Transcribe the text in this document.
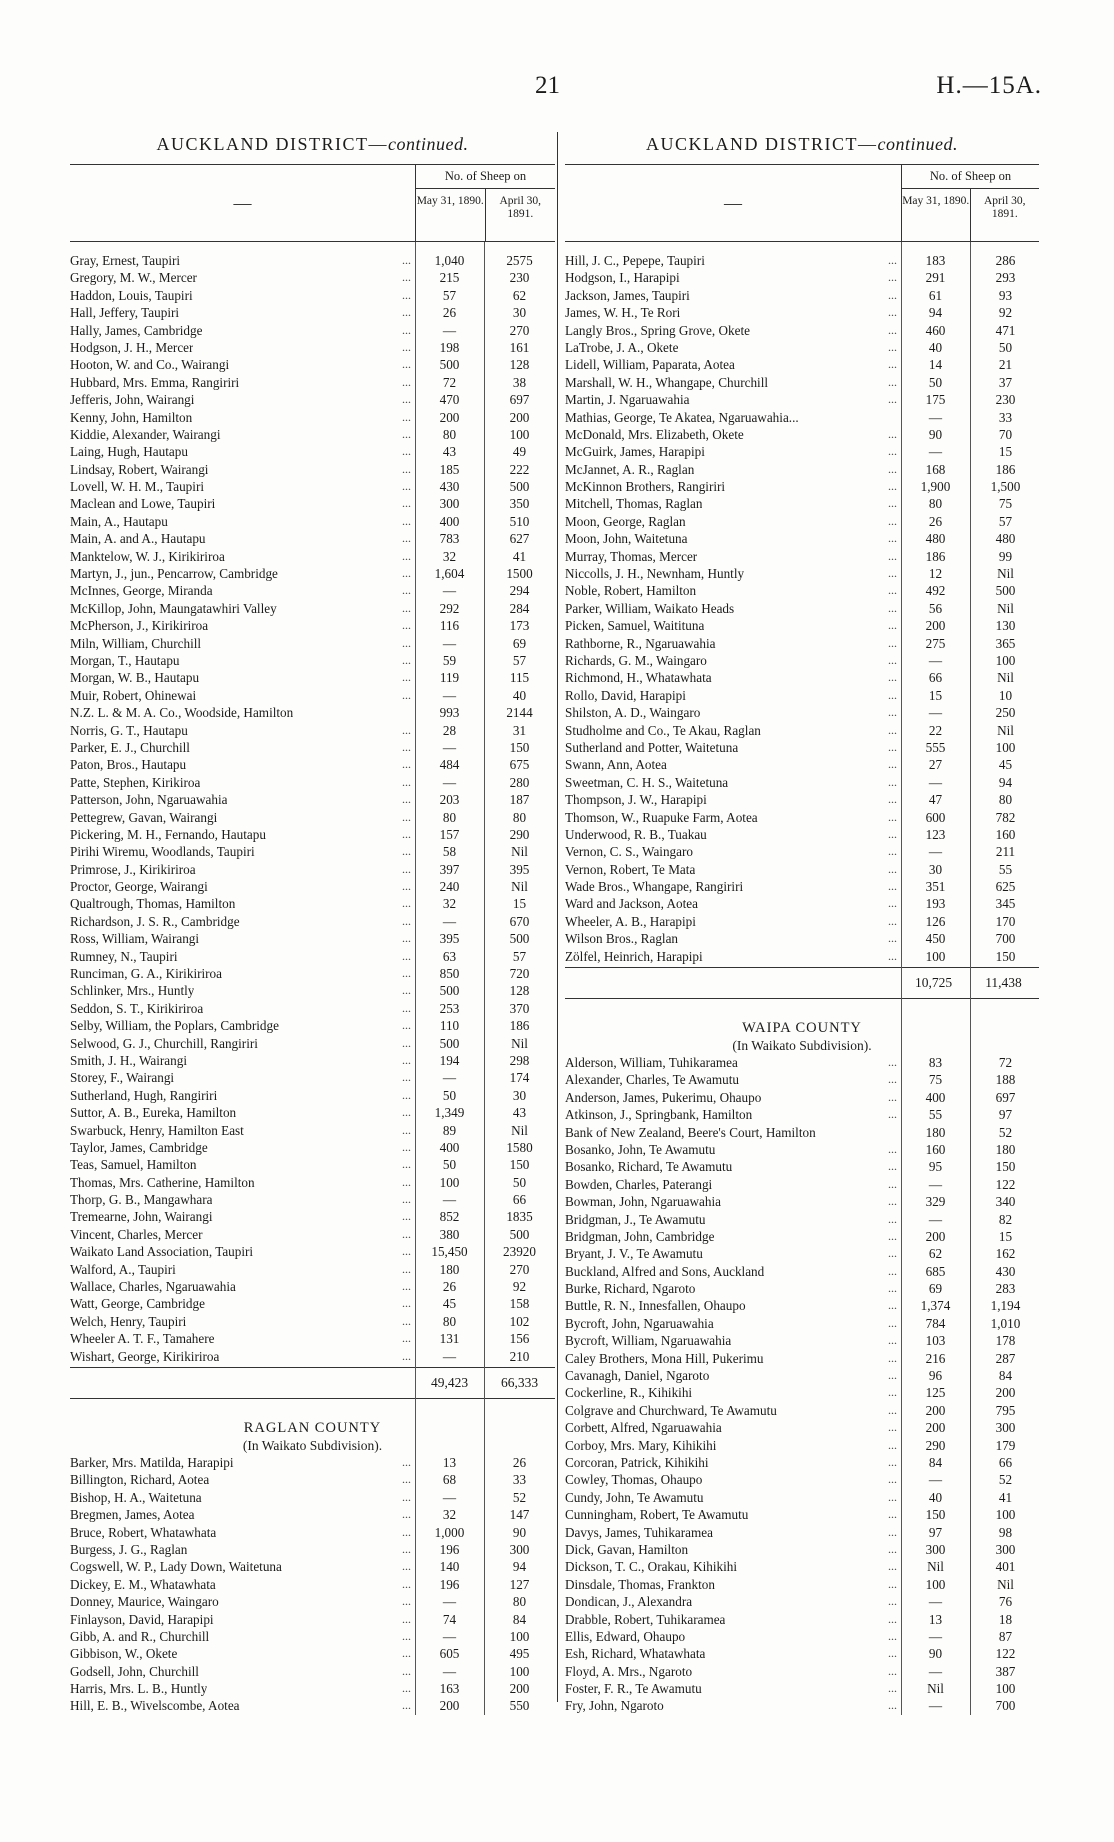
21	H.—15A.
AUCKLAND DISTRICT—continued.
—
No. of Sheep on
May 31, 1890.	April 30, 1891.
Gray, Ernest, Taupiri	...	1,040	2575
Gregory, M. W., Mercer	...	215	230
Haddon, Louis, Taupiri	...	57	62
Hall, Jeffery, Taupiri	...	26	30
Hally, James, Cambridge	...	—	270
Hodgson, J. H., Mercer	...	198	161
Hooton, W. and Co., Wairangi	...	500	128
Hubbard, Mrs. Emma, Rangiriri	...	72	38
Jefferis, John, Wairangi	...	470	697
Kenny, John, Hamilton	...	200	200
Kiddie, Alexander, Wairangi	...	80	100
Laing, Hugh, Hautapu	...	43	49
Lindsay, Robert, Wairangi	...	185	222
Lovell, W. H. M., Taupiri	...	430	500
Maclean and Lowe, Taupiri	...	300	350
Main, A., Hautapu	...	400	510
Main, A. and A., Hautapu	...	783	627
Manktelow, W. J., Kirikiriroa	...	32	41
Martyn, J., jun., Pencarrow, Cambridge	...	1,604	1500
McInnes, George, Miranda	...	—	294
McKillop, John, Maungatawhiri Valley	...	292	284
McPherson, J., Kirikiriroa	...	116	173
Miln, William, Churchill	...	—	69
Morgan, T., Hautapu	...	59	57
Morgan, W. B., Hautapu	...	119	115
Muir, Robert, Ohinewai	...	—	40
N.Z. L. & M. A. Co., Woodside, Hamilton	993	2144
Norris, G. T., Hautapu	...	28	31
Parker, E. J., Churchill	...	—	150
Paton, Bros., Hautapu	...	484	675
Patte, Stephen, Kirikiroa	...	—	280
Patterson, John, Ngaruawahia	...	203	187
Pettegrew, Gavan, Wairangi	...	80	80
Pickering, M. H., Fernando, Hautapu	...	157	290
Pirihi Wiremu, Woodlands, Taupiri	...	58	Nil
Primrose, J., Kirikiriroa	...	397	395
Proctor, George, Wairangi	...	240	Nil
Qualtrough, Thomas, Hamilton	...	32	15
Richardson, J. S. R., Cambridge	...	—	670
Ross, William, Wairangi	...	395	500
Rumney, N., Taupiri	...	63	57
Runciman, G. A., Kirikiriroa	...	850	720
Schlinker, Mrs., Huntly	...	500	128
Seddon, S. T., Kirikiriroa	...	253	370
Selby, William, the Poplars, Cambridge	...	110	186
Selwood, G. J., Churchill, Rangiriri	...	500	Nil
Smith, J. H., Wairangi	...	194	298
Storey, F., Wairangi	...	—	174
Sutherland, Hugh, Rangiriri	...	50	30
Suttor, A. B., Eureka, Hamilton	...	1,349	43
Swarbuck, Henry, Hamilton East	...	89	Nil
Taylor, James, Cambridge	...	400	1580
Teas, Samuel, Hamilton	...	50	150
Thomas, Mrs. Catherine, Hamilton	...	100	50
Thorp, G. B., Mangawhara	...	—	66
Tremearne, John, Wairangi	...	852	1835
Vincent, Charles, Mercer	...	380	500
Waikato Land Association, Taupiri	...	15,450	23920
Walford, A., Taupiri	...	180	270
Wallace, Charles, Ngaruawahia	...	26	92
Watt, George, Cambridge	...	45	158
Welch, Henry, Taupiri	...	80	102
Wheeler A. T. F., Tamahere	...	131	156
Wishart, George, Kirikiriroa	...	—	210
49,423	66,333
RAGLAN COUNTY
(In Waikato Subdivision).
Barker, Mrs. Matilda, Harapipi	...	13	26
Billington, Richard, Aotea	...	68	33
Bishop, H. A., Waitetuna	...	—	52
Bregmen, James, Aotea	...	32	147
Bruce, Robert, Whatawhata	...	1,000	90
Burgess, J. G., Raglan	...	196	300
Cogswell, W. P., Lady Down, Waitetuna	...	140	94
Dickey, E. M., Whatawhata	...	196	127
Donney, Maurice, Waingaro	...	—	80
Finlayson, David, Harapipi	...	74	84
Gibb, A. and R., Churchill	...	—	100
Gibbison, W., Okete	...	605	495
Godsell, John, Churchill	...	—	100
Harris, Mrs. L. B., Huntly	...	163	200
Hill, E. B., Wivelscombe, Aotea	...	200	550
AUCKLAND DISTRICT—continued.
—
No. of Sheep on
May 31, 1890.	April 30, 1891.
Hill, J. C., Pepepe, Taupiri	...	183	286
Hodgson, I., Harapipi	...	291	293
Jackson, James, Taupiri	...	61	93
James, W. H., Te Rori	...	94	92
Langly Bros., Spring Grove, Okete	...	460	471
LaTrobe, J. A., Okete	...	40	50
Lidell, William, Paparata, Aotea	...	14	21
Marshall, W. H., Whangape, Churchill	...	50	37
Martin, J. Ngaruawahia	...	175	230
Mathias, George, Te Akatea, Ngaruawahia...	—	33
McDonald, Mrs. Elizabeth, Okete	...	90	70
McGuirk, James, Harapipi	...	—	15
McJannet, A. R., Raglan	...	168	186
McKinnon Brothers, Rangiriri	...	1,900	1,500
Mitchell, Thomas, Raglan	...	80	75
Moon, George, Raglan	...	26	57
Moon, John, Waitetuna	...	480	480
Murray, Thomas, Mercer	...	186	99
Niccolls, J. H., Newnham, Huntly	...	12	Nil
Noble, Robert, Hamilton	...	492	500
Parker, William, Waikato Heads	...	56	Nil
Picken, Samuel, Waitituna	...	200	130
Rathborne, R., Ngaruawahia	...	275	365
Richards, G. M., Waingaro	...	—	100
Richmond, H., Whatawhata	...	66	Nil
Rollo, David, Harapipi	...	15	10
Shilston, A. D., Waingaro	...	—	250
Studholme and Co., Te Akau, Raglan	...	22	Nil
Sutherland and Potter, Waitetuna	...	555	100
Swann, Ann, Aotea	...	27	45
Sweetman, C. H. S., Waitetuna	...	—	94
Thompson, J. W., Harapipi	...	47	80
Thomson, W., Ruapuke Farm, Aotea	...	600	782
Underwood, R. B., Tuakau	...	123	160
Vernon, C. S., Waingaro	...	—	211
Vernon, Robert, Te Mata	...	30	55
Wade Bros., Whangape, Rangiriri	...	351	625
Ward and Jackson, Aotea	...	193	345
Wheeler, A. B., Harapipi	...	126	170
Wilson Bros., Raglan	...	450	700
Zölfel, Heinrich, Harapipi	...	100	150
10,725	11,438
WAIPA COUNTY
(In Waikato Subdivision).
Alderson, William, Tuhikaramea	...	83	72
Alexander, Charles, Te Awamutu	...	75	188
Anderson, James, Pukerimu, Ohaupo	...	400	697
Atkinson, J., Springbank, Hamilton	...	55	97
Bank of New Zealand, Beere's Court, Hamilton	180	52
Bosanko, John, Te Awamutu	...	160	180
Bosanko, Richard, Te Awamutu	...	95	150
Bowden, Charles, Paterangi	...	—	122
Bowman, John, Ngaruawahia	...	329	340
Bridgman, J., Te Awamutu	...	—	82
Bridgman, John, Cambridge	...	200	15
Bryant, J. V., Te Awamutu	...	62	162
Buckland, Alfred and Sons, Auckland	...	685	430
Burke, Richard, Ngaroto	...	69	283
Buttle, R. N., Innesfallen, Ohaupo	...	1,374	1,194
Bycroft, John, Ngaruawahia	...	784	1,010
Bycroft, William, Ngaruawahia	...	103	178
Caley Brothers, Mona Hill, Pukerimu	...	216	287
Cavanagh, Daniel, Ngaroto	...	96	84
Cockerline, R., Kihikihi	...	125	200
Colgrave and Churchward, Te Awamutu	...	200	795
Corbett, Alfred, Ngaruawahia	...	200	300
Corboy, Mrs. Mary, Kihikihi	...	290	179
Corcoran, Patrick, Kihikihi	...	84	66
Cowley, Thomas, Ohaupo	...	—	52
Cundy, John, Te Awamutu	...	40	41
Cunningham, Robert, Te Awamutu	...	150	100
Davys, James, Tuhikaramea	...	97	98
Dick, Gavan, Hamilton	...	300	300
Dickson, T. C., Orakau, Kihikihi	...	Nil	401
Dinsdale, Thomas, Frankton	...	100	Nil
Dondican, J., Alexandra	...	—	76
Drabble, Robert, Tuhikaramea	...	13	18
Ellis, Edward, Ohaupo	...	—	87
Esh, Richard, Whatawhata	...	90	122
Floyd, A. Mrs., Ngaroto	...	—	387
Foster, F. R., Te Awamutu	...	Nil	100
Fry, John, Ngaroto	...	—	700
